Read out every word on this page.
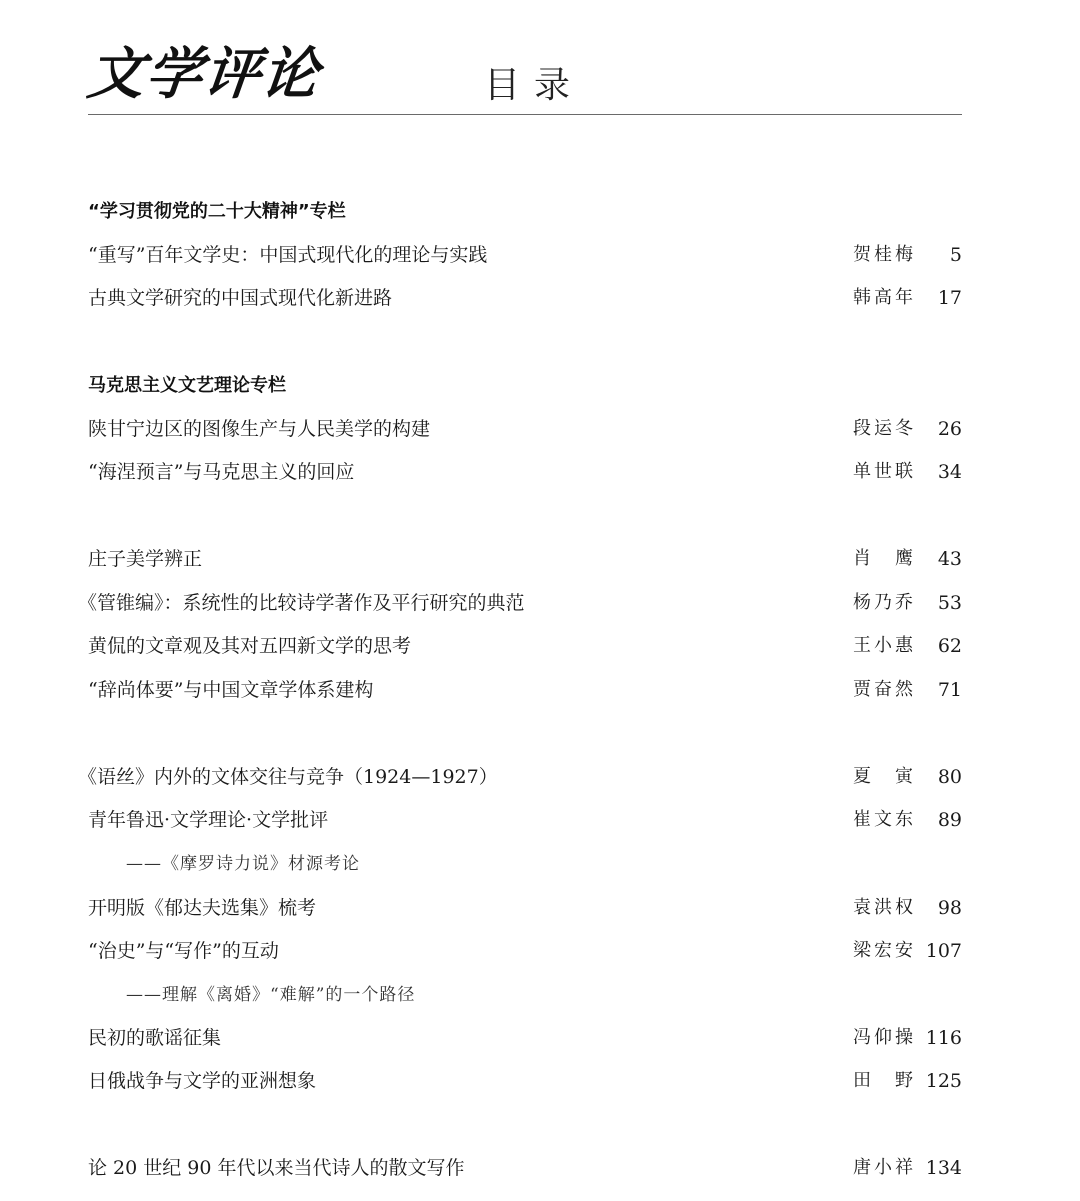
文学评论	目录
“学习贯彻党的二十大精神”专栏
“重写”百年文学史：中国式现代化的理论与实践	贺桂梅 5
古典文学研究的中国式现代化新进路	韩高年 17
马克思主义文艺理论专栏
陕甘宁边区的图像生产与人民美学的构建	段运冬 26
“海涅预言”与马克思主义的回应	单世联 34
庄子美学辨正	肖　鹰 43
《管锥编》：系统性的比较诗学著作及平行研究的典范	杨乃乔 53
黄侃的文章观及其对五四新文学的思考	王小惠 62
“辞尚体要”与中国文章学体系建构	贾奋然 71
《语丝》内外的文体交往与竞争（1924—1927）	夏　寅 80
青年鲁迅·文学理论·文学批评	崔文东 89
——《摩罗诗力说》材源考论
开明版《郁达夫选集》梳考	袁洪权 98
“治史”与“写作”的互动	梁宏安 107
——理解《离婚》“难解”的一个路径
民初的歌谣征集	冯仰操 116
日俄战争与文学的亚洲想象	田　野 125
论 20 世纪 90 年代以来当代诗人的散文写作	唐小祥 134
